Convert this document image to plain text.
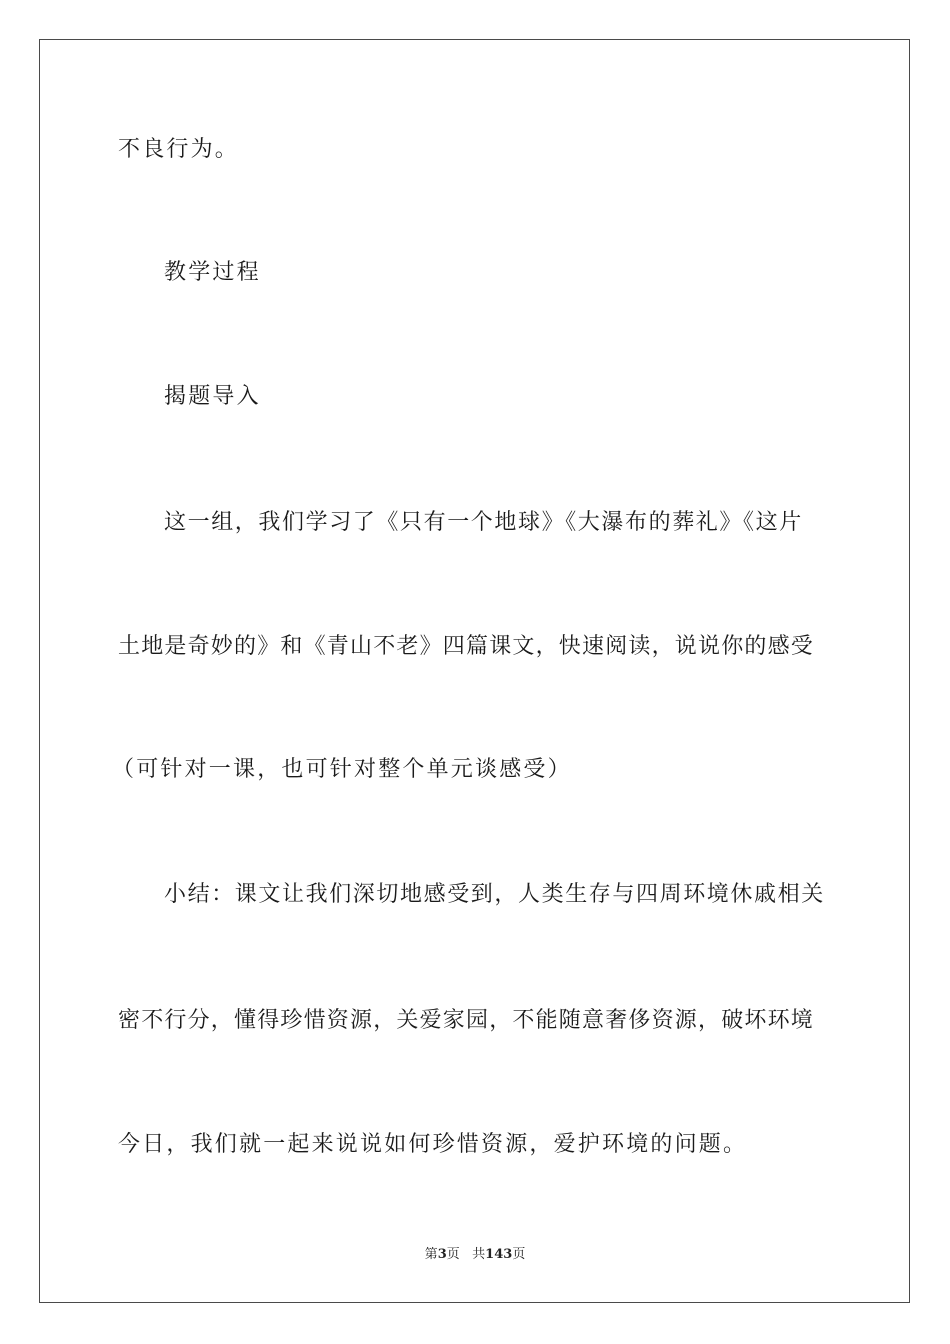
不良行为。
教学过程
揭题导入
这一组，我们学习了《只有一个地球》《大瀑布的葬礼》《这片
土地是奇妙的》和《青山不老》四篇课文，快速阅读，说说你的感受
（可针对一课，也可针对整个单元谈感受）
小结：课文让我们深切地感受到，人类生存与四周环境休戚相关
密不行分，懂得珍惜资源，关爱家园，不能随意奢侈资源，破坏环境
今日，我们就一起来说说如何珍惜资源，爱护环境的问题。
第3页 共143页
